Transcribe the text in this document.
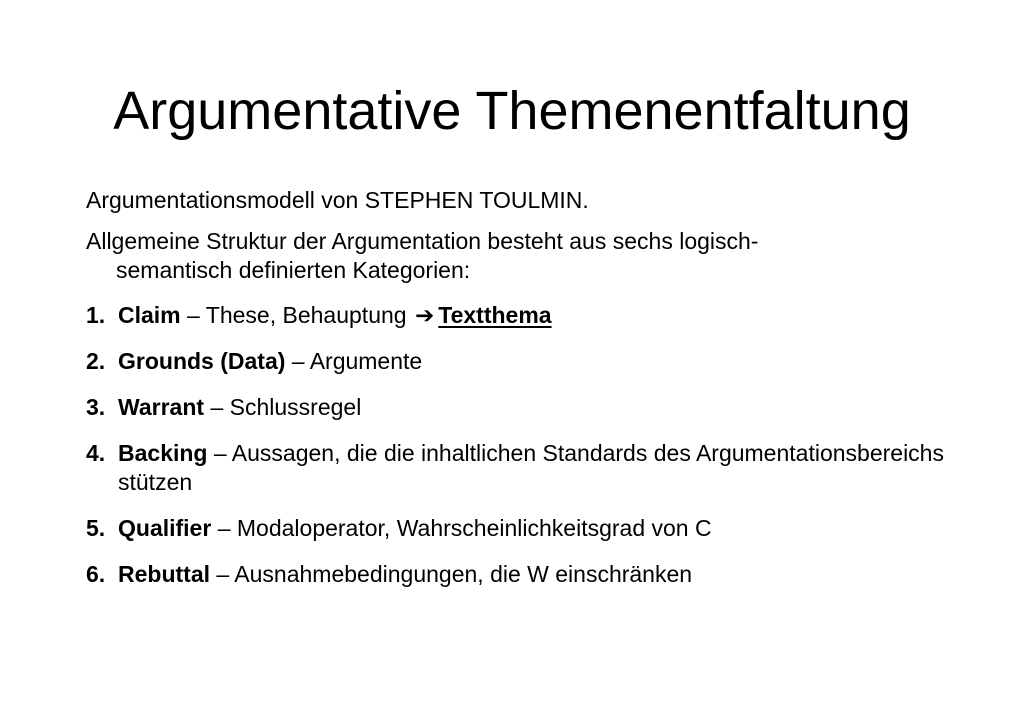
Argumentative Themenentfaltung

Argumentationsmodell von STEPHEN TOULMIN.

Allgemeine Struktur der Argumentation besteht aus sechs logisch-
semantisch definierten Kategorien:

1. Claim – These, Behauptung ➔ Textthema
2. Grounds (Data) – Argumente
3. Warrant – Schlussregel
4. Backing – Aussagen, die die inhaltlichen Standards des Argumentationsbereichs stützen
5. Qualifier – Modaloperator, Wahrscheinlichkeitsgrad von C
6. Rebuttal – Ausnahmebedingungen, die W einschränken
